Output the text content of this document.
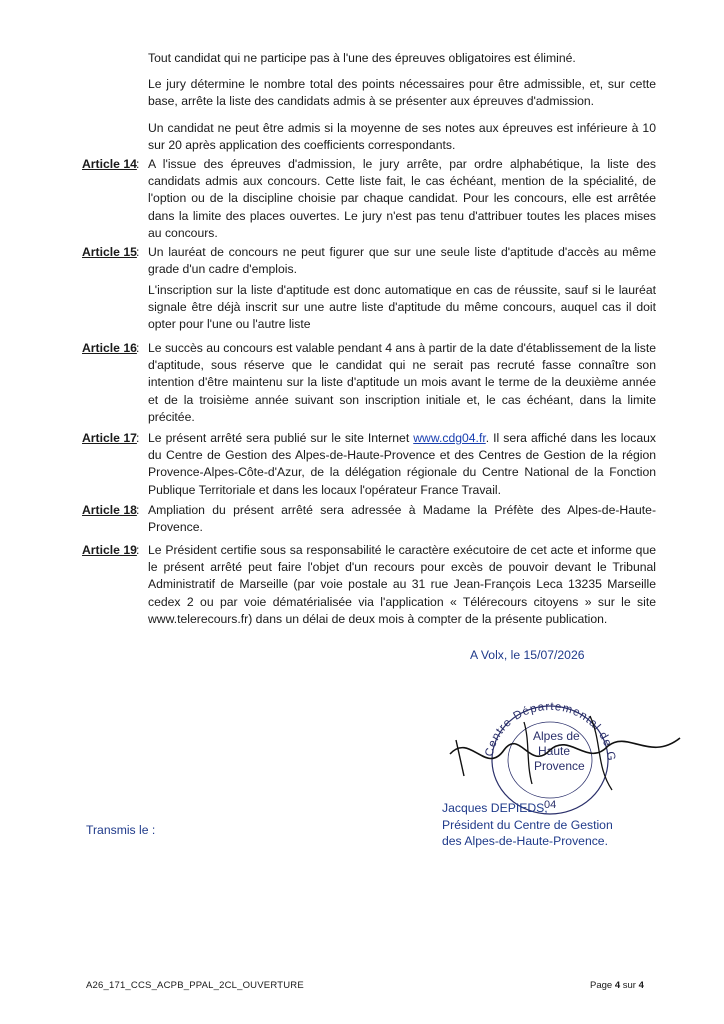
Tout candidat qui ne participe pas à l'une des épreuves obligatoires est éliminé.

Le jury détermine le nombre total des points nécessaires pour être admissible, et, sur cette base, arrête la liste des candidats admis à se présenter aux épreuves d'admission.

Un candidat ne peut être admis si la moyenne de ses notes aux épreuves est inférieure à 10 sur 20 après application des coefficients correspondants.

Article 14 : A l'issue des épreuves d'admission, le jury arrête, par ordre alphabétique, la liste des candidats admis aux concours. Cette liste fait, le cas échéant, mention de la spécialité, de l'option ou de la discipline choisie par chaque candidat. Pour les concours, elle est arrêtée dans la limite des places ouvertes. Le jury n'est pas tenu d'attribuer toutes les places mises au concours.

Article 15 : Un lauréat de concours ne peut figurer que sur une seule liste d'aptitude d'accès au même grade d'un cadre d'emplois.

L'inscription sur la liste d'aptitude est donc automatique en cas de réussite, sauf si le lauréat signale être déjà inscrit sur une autre liste d'aptitude du même concours, auquel cas il doit opter pour l'une ou l'autre liste

Article 16 : Le succès au concours est valable pendant 4 ans à partir de la date d'établissement de la liste d'aptitude, sous réserve que le candidat qui ne serait pas recruté fasse connaître son intention d'être maintenu sur la liste d'aptitude un mois avant le terme de la deuxième année et de la troisième année suivant son inscription initiale et, le cas échéant, dans la limite précitée.

Article 17 : Le présent arrêté sera publié sur le site Internet www.cdg04.fr. Il sera affiché dans les locaux du Centre de Gestion des Alpes-de-Haute-Provence et des Centres de Gestion de la région Provence-Alpes-Côte-d'Azur, de la délégation régionale du Centre National de la Fonction Publique Territoriale et dans les locaux l'opérateur France Travail.

Article 18 : Ampliation du présent arrêté sera adressée à Madame la Préfète des Alpes-de-Haute-Provence.

Article 19 : Le Président certifie sous sa responsabilité le caractère exécutoire de cet acte et informe que le présent arrêté peut faire l'objet d'un recours pour excès de pouvoir devant le Tribunal Administratif de Marseille (par voie postale au 31 rue Jean-François Leca 13235 Marseille cedex 2 ou par voie dématérialisée via l'application « Télérecours citoyens » sur le site www.telerecours.fr) dans un délai de deux mois à compter de la présente publication.

A Volx, le 15/07/2026
Centre Départemental de G
Alpes de
Haute
Provence
04
Jacques DEPIEDS,
Président du Centre de Gestion
des Alpes-de-Haute-Provence.
Transmis le :
A26_171_CCS_ACPB_PPAL_2CL_OUVERTURE	Page 4 sur 4
